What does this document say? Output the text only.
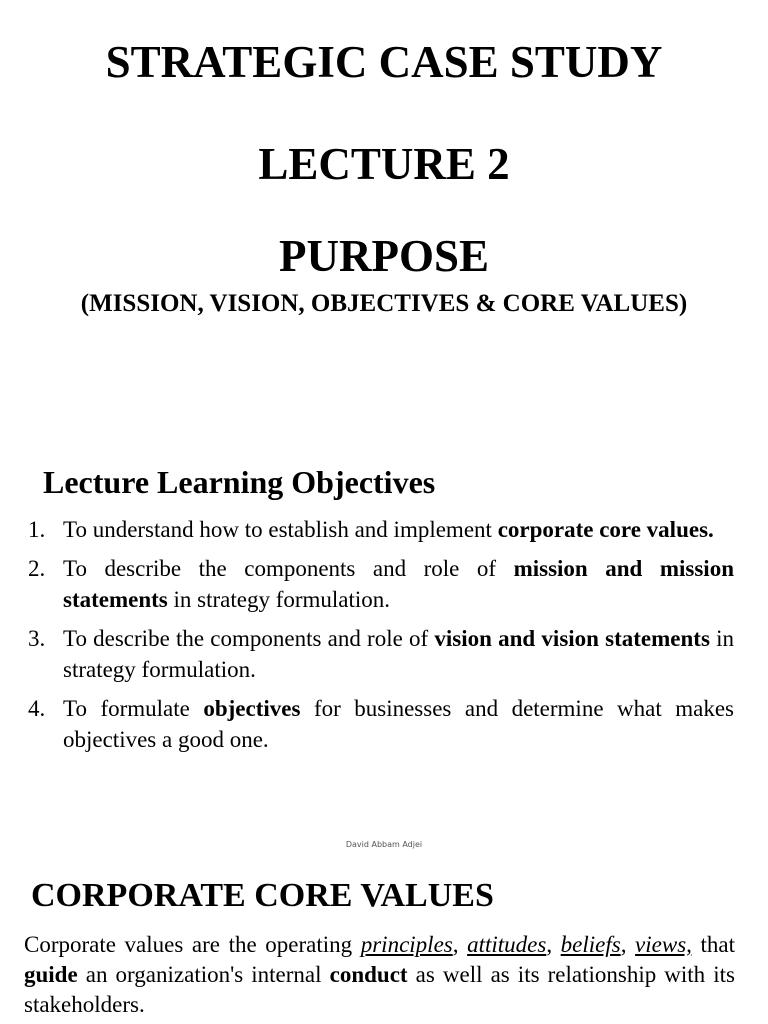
STRATEGIC CASE STUDY
LECTURE 2
PURPOSE
(MISSION, VISION, OBJECTIVES & CORE VALUES)
Lecture Learning Objectives
1. To understand how to establish and implement corporate core values.
2. To describe the components and role of mission and mission statements in strategy formulation.
3. To describe the components and role of vision and vision statements in strategy formulation.
4. To formulate objectives for businesses and determine what makes objectives a good one.
David Abbam Adjei
CORPORATE CORE VALUES
Corporate values are the operating principles, attitudes, beliefs, views, that guide an organization's internal conduct as well as its relationship with its stakeholders.
